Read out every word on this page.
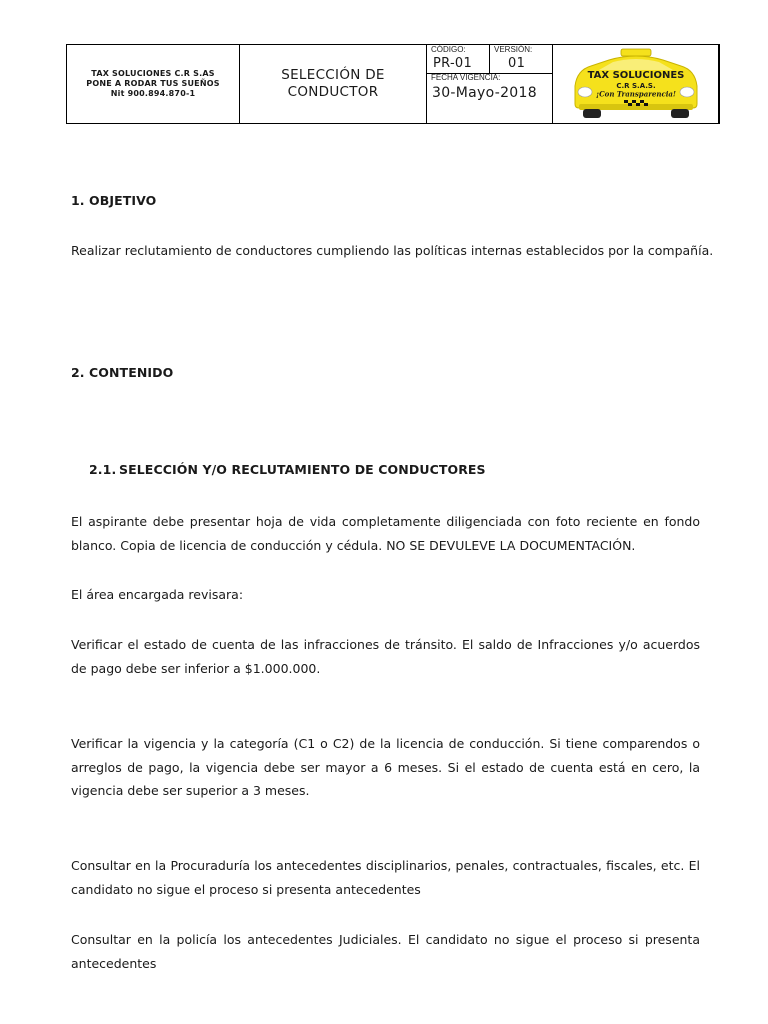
TAX SOLUCIONES C.R S.AS
PONE A RODAR TUS SUEÑOS
Nit 900.894.870-1
SELECCIÓN DE
CONDUCTOR
CÓDIGO:
PR-01
VERSIÓN:
01
FECHA VIGENCIA:
30-Mayo-2018
TAX SOLUCIONES
C.R S.A.S.
¡Con Transparencia!
1. OBJETIVO
Realizar reclutamiento de conductores cumpliendo las políticas internas establecidos por la compañía.
2. CONTENIDO
2.1. SELECCIÓN Y/O RECLUTAMIENTO DE CONDUCTORES
El aspirante debe presentar hoja de vida completamente diligenciada con foto reciente en fondo blanco. Copia de licencia de conducción y cédula. NO SE DEVULEVE LA DOCUMENTACIÓN.
El área encargada revisara:
Verificar el estado de cuenta de las infracciones de tránsito. El saldo de Infracciones y/o acuerdos de pago debe ser inferior a $1.000.000.
Verificar la vigencia y la categoría (C1 o C2) de la licencia de conducción. Si tiene comparendos o arreglos de pago, la vigencia debe ser mayor a 6 meses. Si el estado de cuenta está en cero, la vigencia debe ser superior a 3 meses.
Consultar en la Procuraduría los antecedentes disciplinarios, penales, contractuales, fiscales, etc. El candidato no sigue el proceso si presenta antecedentes
Consultar en la policía los antecedentes Judiciales. El candidato no sigue el proceso si presenta antecedentes
